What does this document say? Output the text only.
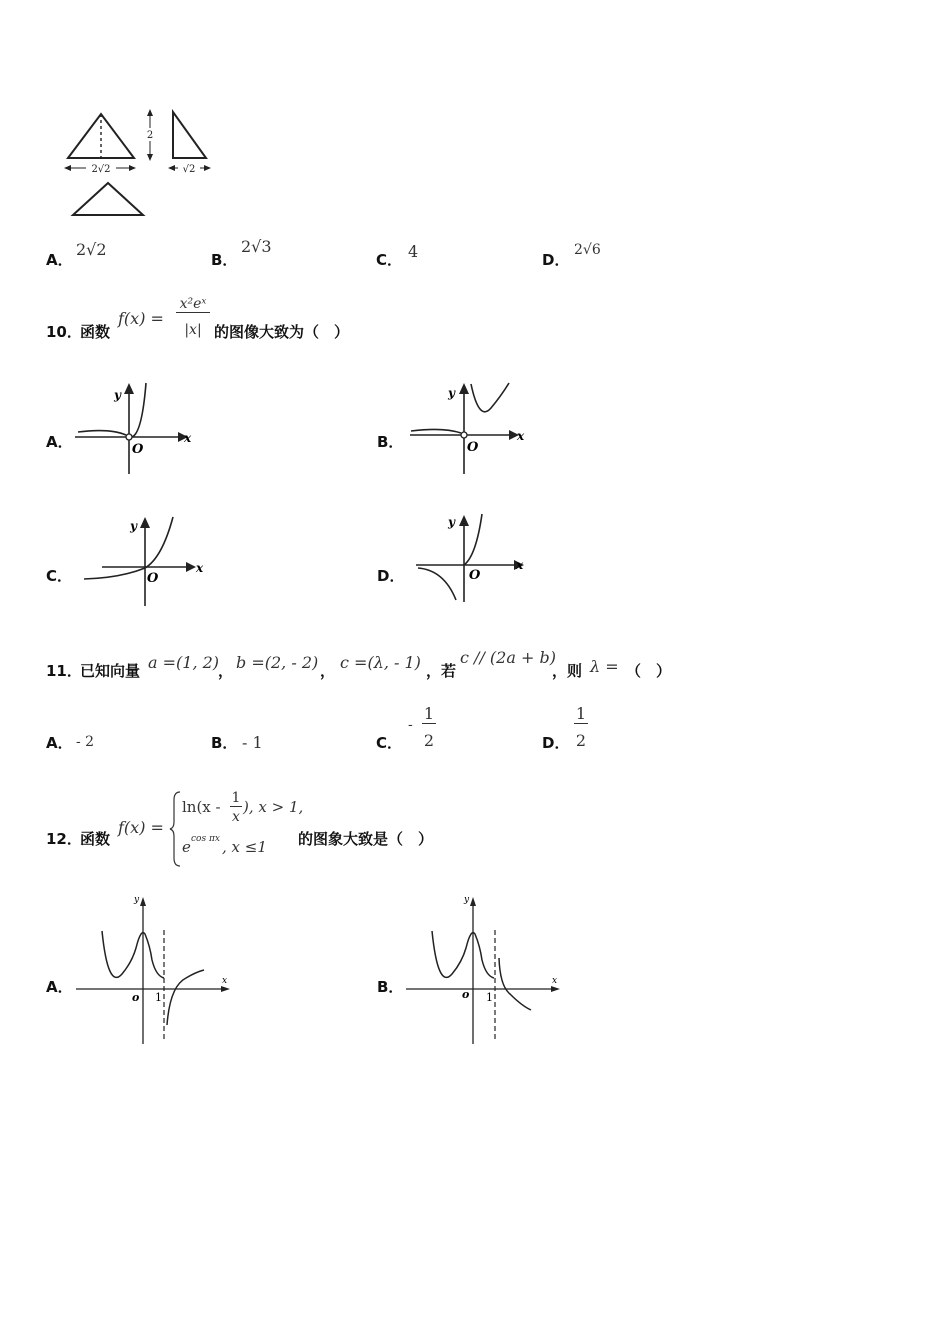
2√2
2
√2
A．
2√2
B．
2√3
C． 4	D．
2√6
10．
函数
f(x) =
x²eˣ
|x| 的图像大致为（　）
A．	B．
C．	D．
y
x
O
y
x
O
y
x
O
y
x
O
11．
已知向量 a =(1, 2)
， b =(2, - 2) ， c =(λ, - 1) ，若
c // (2a + b)
，则 λ = （　）
A． - 2	B． - 1	C．
-
1
2	D．
1
2
12．
函数
f(x) =
ln(x - 1
x
), x > 1,
e cos πx , x ≤1 的图象大致是（　）
A．	B．
y
x
o 1
y
x
o 1
